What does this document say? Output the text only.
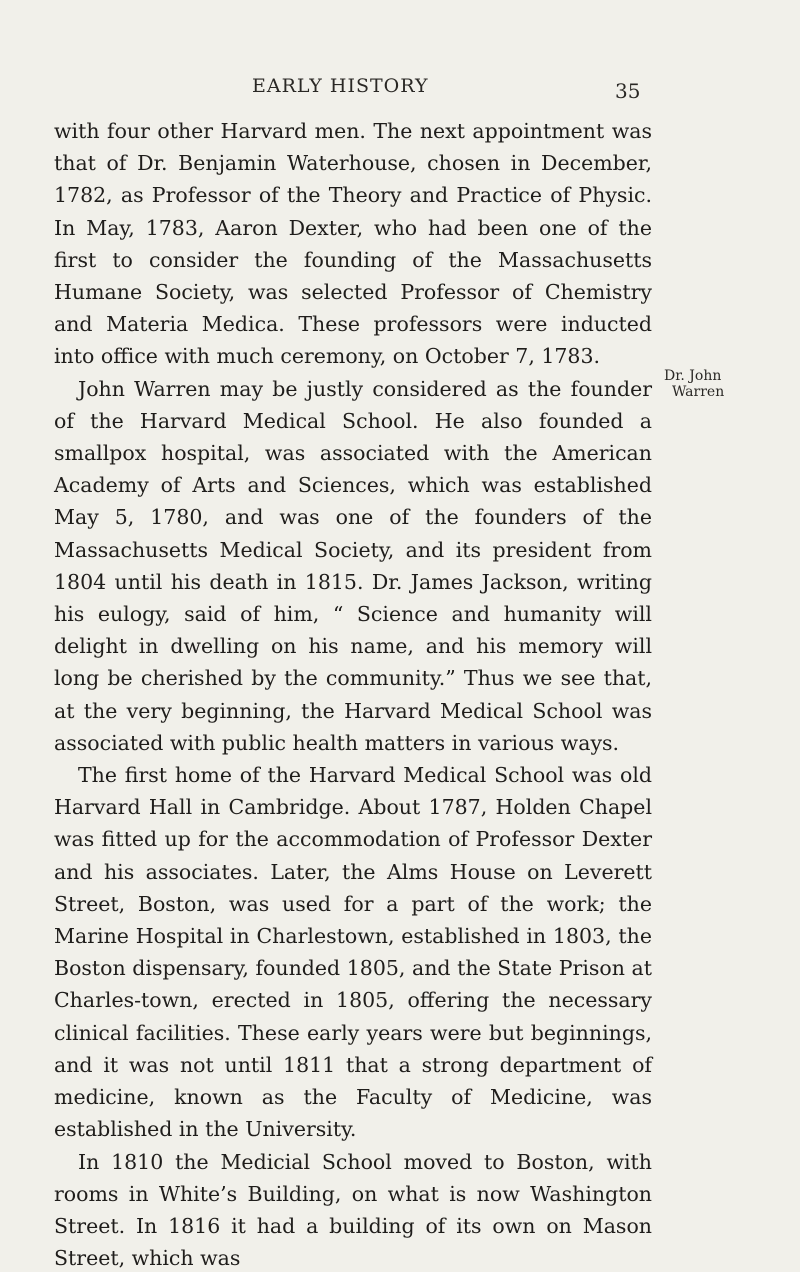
EARLY HISTORY	35

with four other Harvard men. The next appointment was that of Dr. Benjamin Waterhouse, chosen in December, 1782, as Professor of the Theory and Practice of Physic. In May, 1783, Aaron Dexter, who had been one of the first to consider the founding of the Massachusetts Humane Society, was selected Professor of Chemistry and Materia Medica. These professors were inducted into office with much ceremony, on October 7, 1783.

John Warren may be justly considered as the founder of the Harvard Medical School. He also founded a smallpox hospital, was associated with the American Academy of Arts and Sciences, which was established May 5, 1780, and was one of the founders of the Massachusetts Medical Society, and its president from 1804 until his death in 1815. Dr. James Jackson, writing his eulogy, said of him, “ Science and humanity will delight in dwelling on his name, and his memory will long be cherished by the community.” Thus we see that, at the very beginning, the Harvard Medical School was associated with public health matters in various ways.

The first home of the Harvard Medical School was old Harvard Hall in Cambridge. About 1787, Holden Chapel was fitted up for the accommodation of Professor Dexter and his associates. Later, the Alms House on Leverett Street, Boston, was used for a part of the work; the Marine Hospital in Charlestown, established in 1803, the Boston dispensary, founded 1805, and the State Prison at Charles-town, erected in 1805, offering the necessary clinical facilities. These early years were but beginnings, and it was not until 1811 that a strong department of medicine, known as the Faculty of Medicine, was established in the University.

In 1810 the Medicial School moved to Boston, with rooms in White’s Building, on what is now Washington Street. In 1816 it had a building of its own on Mason Street, which was

Dr. John
Warren
